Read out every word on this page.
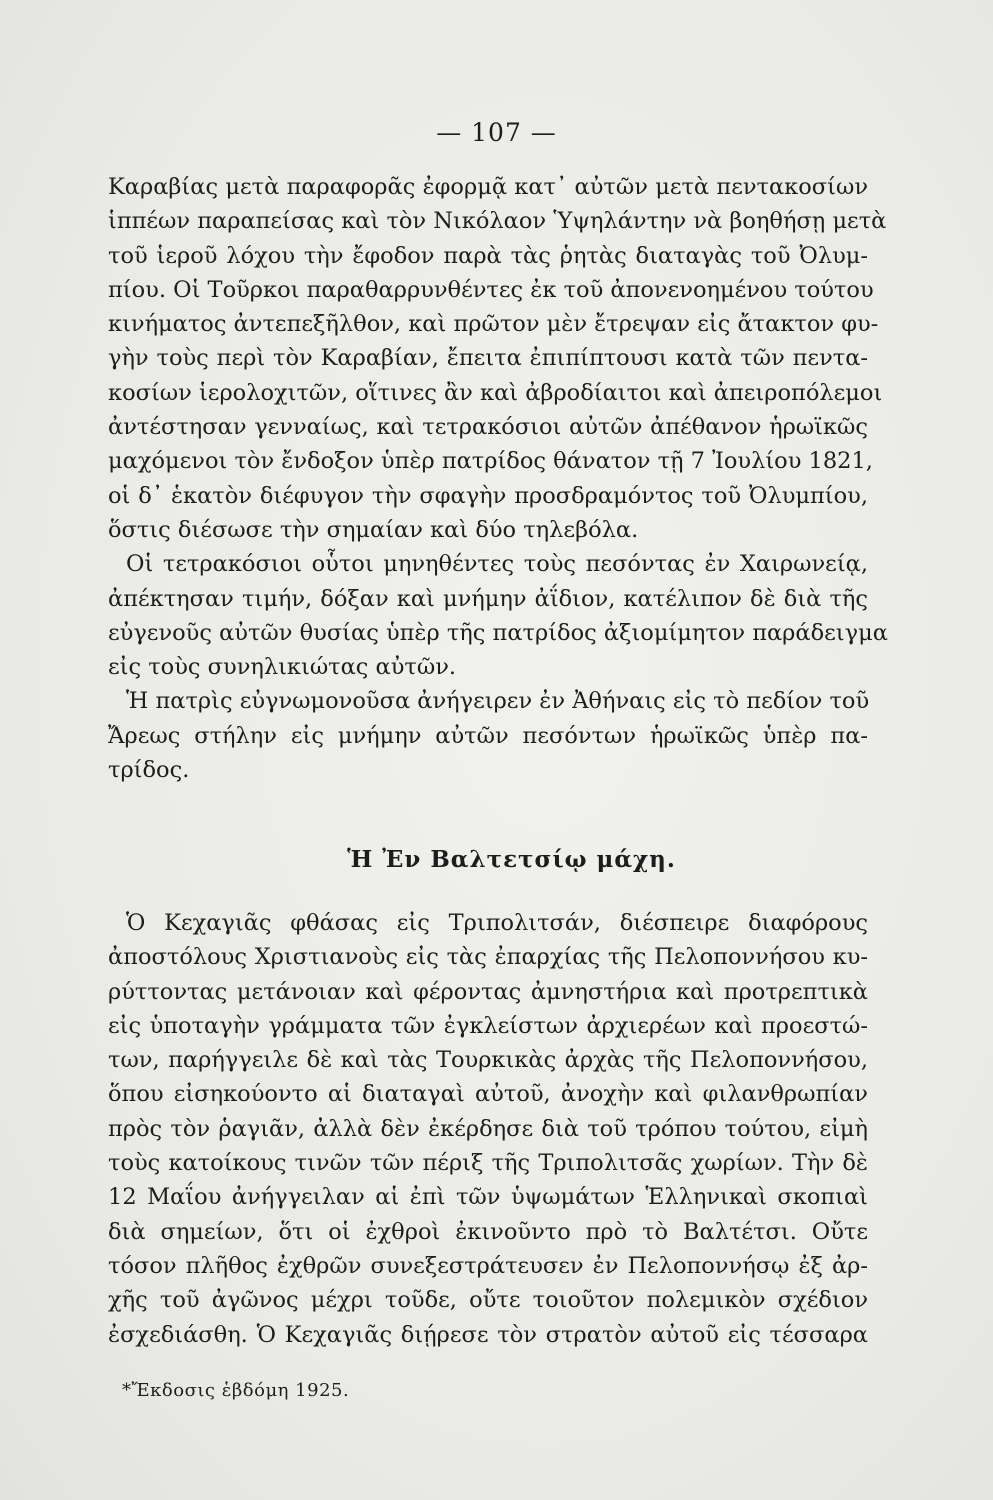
— 107 —
Καραβίας μετὰ παραφορᾶς ἐφορμᾷ κατ᾽ αὐτῶν μετὰ πεντακοσίων
ἱππέων παραπείσας καὶ τὸν Νικόλαον Ὑψηλάντην νὰ βοηθήσῃ μετὰ
τοῦ ἱεροῦ λόχου τὴν ἔφοδον παρὰ τὰς ῥητὰς διαταγὰς τοῦ Ὀλυμ-
πίου. Οἱ Τοῦρκοι παραθαρρυνθέντες ἐκ τοῦ ἀπονενοημένου τούτου
κινήματος ἀντεπεξῆλθον, καὶ πρῶτον μὲν ἔτρεψαν εἰς ἄτακτον φυ-
γὴν τοὺς περὶ τὸν Καραβίαν, ἔπειτα ἐπιπίπτουσι κατὰ τῶν πεντα-
κοσίων ἱερολοχιτῶν, οἵτινες ἂν καὶ ἀβροδίαιτοι καὶ ἀπειροπόλεμοι
ἀντέστησαν γενναίως, καὶ τετρακόσιοι αὐτῶν ἀπέθανον ἡρωϊκῶς
μαχόμενοι τὸν ἔνδοξον ὑπὲρ πατρίδος θάνατον τῇ 7 Ἰουλίου 1821,
οἱ δ᾽ ἑκατὸν διέφυγον τὴν σφαγὴν προσδραμόντος τοῦ Ὀλυμπίου,
ὅστις διέσωσε τὴν σημαίαν καὶ δύο τηλεβόλα.
Οἱ τετρακόσιοι οὗτοι μηνηθέντες τοὺς πεσόντας ἐν Χαιρωνείᾳ,
ἀπέκτησαν τιμήν, δόξαν καὶ μνήμην ἀΐδιον, κατέλιπον δὲ διὰ τῆς
εὐγενοῦς αὐτῶν θυσίας ὑπὲρ τῆς πατρίδος ἀξιομίμητον παράδειγμα
εἰς τοὺς συνηλικιώτας αὐτῶν.
Ἡ πατρὶς εὐγνωμονοῦσα ἀνήγειρεν ἐν Ἀθήναις εἰς τὸ πεδίον τοῦ
Ἄρεως στήλην εἰς μνήμην αὐτῶν πεσόντων ἡρωϊκῶς ὑπὲρ πα-
τρίδος.
Ἡ Ἐν Βαλτετσίῳ μάχη.
Ὁ Κεχαγιᾶς φθάσας εἰς Τριπολιτσάν, διέσπειρε διαφόρους
ἀποστόλους Χριστιανοὺς εἰς τὰς ἐπαρχίας τῆς Πελοποννήσου κυ-
ρύττοντας μετάνοιαν καὶ φέροντας ἀμνηστήρια καὶ προτρεπτικὰ
εἰς ὑποταγὴν γράμματα τῶν ἐγκλείστων ἀρχιερέων καὶ προεστώ-
των, παρήγγειλε δὲ καὶ τὰς Τουρκικὰς ἀρχὰς τῆς Πελοποννήσου,
ὅπου εἰσηκούοντο αἱ διαταγαὶ αὐτοῦ, ἀνοχὴν καὶ φιλανθρωπίαν
πρὸς τὸν ῥαγιᾶν, ἀλλὰ δὲν ἐκέρδησε διὰ τοῦ τρόπου τούτου, εἰμὴ
τοὺς κατοίκους τινῶν τῶν πέριξ τῆς Τριπολιτσᾶς χωρίων. Τὴν δὲ
12 Μαΐου ἀνήγγειλαν αἱ ἐπὶ τῶν ὑψωμάτων Ἑλληνικαὶ σκοπιαὶ
διὰ σημείων, ὅτι οἱ ἐχθροὶ ἐκινοῦντο πρὸ τὸ Βαλτέτσι. Οὔτε
τόσον πλῆθος ἐχθρῶν συνεξεστράτευσεν ἐν Πελοποννήσῳ ἐξ ἀρ-
χῆς τοῦ ἀγῶνος μέχρι τοῦδε, οὔτε τοιοῦτον πολεμικὸν σχέδιον
ἐσχεδιάσθη. Ὁ Κεχαγιᾶς διῄρεσε τὸν στρατὸν αὐτοῦ εἰς τέσσαρα
*Ἔκδοσις ἑβδόμη 1925.
